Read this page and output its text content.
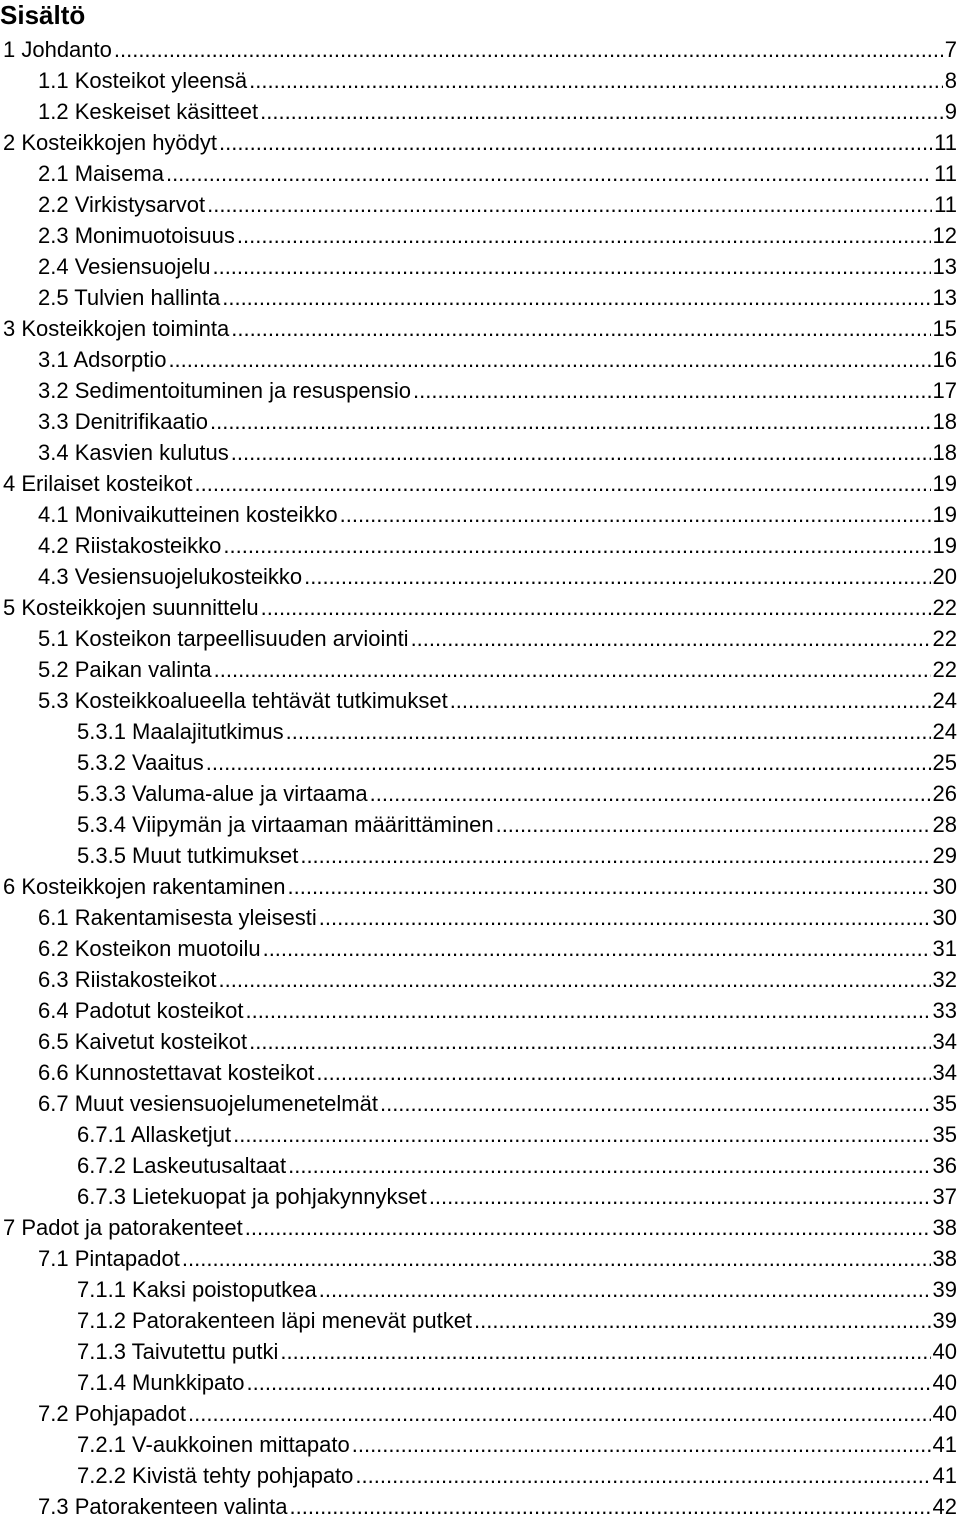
Sisältö
1 Johdanto .....	7
1.1 Kosteikot yleensä .....	8
1.2 Keskeiset käsitteet .....	9
2 Kosteikkojen hyödyt .....	11
2.1 Maisema .....	11
2.2 Virkistysarvot .....	11
2.3 Monimuotoisuus .....	12
2.4 Vesiensuojelu .....	13
2.5 Tulvien hallinta .....	13
3 Kosteikkojen toiminta .....	15
3.1 Adsorptio .....	16
3.2 Sedimentoituminen ja resuspensio .....	17
3.3 Denitrifikaatio .....	18
3.4 Kasvien kulutus .....	18
4 Erilaiset kosteikot .....	19
4.1 Monivaikutteinen kosteikko .....	19
4.2 Riistakosteikko .....	19
4.3 Vesiensuojelukosteikko .....	20
5 Kosteikkojen suunnittelu .....	22
5.1 Kosteikon tarpeellisuuden arviointi .....	22
5.2 Paikan valinta .....	22
5.3 Kosteikkoalueella tehtävät tutkimukset .....	24
5.3.1 Maalajitutkimus .....	24
5.3.2 Vaaitus .....	25
5.3.3 Valuma-alue ja virtaama .....	26
5.3.4 Viipymän ja virtaaman määrittäminen .....	28
5.3.5 Muut tutkimukset .....	29
6 Kosteikkojen rakentaminen .....	30
6.1 Rakentamisesta yleisesti .....	30
6.2 Kosteikon muotoilu .....	31
6.3 Riistakosteikot .....	32
6.4 Padotut kosteikot .....	33
6.5 Kaivetut kosteikot .....	34
6.6 Kunnostettavat kosteikot .....	34
6.7 Muut vesiensuojelumenetelmät .....	35
6.7.1 Allasketjut .....	35
6.7.2 Laskeutusaltaat .....	36
6.7.3 Lietekuopat ja pohjakynnykset .....	37
7 Padot ja patorakenteet .....	38
7.1 Pintapadot .....	38
7.1.1 Kaksi poistoputkea .....	39
7.1.2 Patorakenteen läpi menevät putket .....	39
7.1.3 Taivutettu putki .....	40
7.1.4 Munkkipato .....	40
7.2 Pohjapadot .....	40
7.2.1 V-aukkoinen mittapato .....	41
7.2.2 Kivistä tehty pohjapato .....	41
7.3 Patorakenteen valinta .....	42
